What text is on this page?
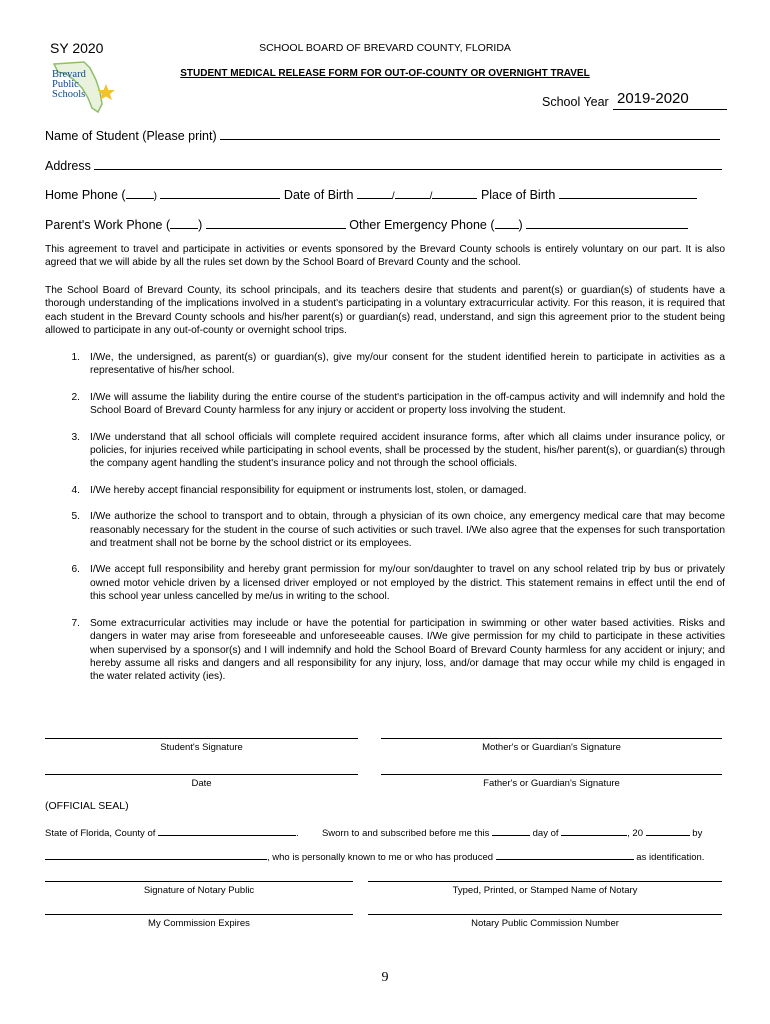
SY 2020
Brevard
Public
Schools
SCHOOL BOARD OF BREVARD COUNTY, FLORIDA
STUDENT MEDICAL RELEASE FORM FOR OUT-OF-COUNTY OR OVERNIGHT TRAVEL
School Year 2019-2020
Name of Student (Please print)
Address
Home Phone (	)	Date of Birth	/	/	Place of Birth
Parent's Work Phone ( )	Other Emergency Phone ( )
This agreement to travel and participate in activities or events sponsored by the Brevard County schools is entirely voluntary on our part. It is also agreed that we will abide by all the rules set down by the School Board of Brevard County and the school.
The School Board of Brevard County, its school principals, and its teachers desire that students and parent(s) or guardian(s) of students have a thorough understanding of the implications involved in a student's participating in a voluntary extracurricular activity. For this reason, it is required that each student in the Brevard County schools and his/her parent(s) or guardian(s) read, understand, and sign this agreement prior to the student being allowed to participate in any out-of-county or overnight school trips.
1. I/We, the undersigned, as parent(s) or guardian(s), give my/our consent for the student identified herein to participate in activities as a representative of his/her school.
2. I/We will assume the liability during the entire course of the student's participation in the off-campus activity and will indemnify and hold the School Board of Brevard County harmless for any injury or accident or property loss involving the student.
3. I/We understand that all school officials will complete required accident insurance forms, after which all claims under insurance policy, or policies, for injuries received while participating in school events, shall be processed by the student, his/her parent(s), or guardian(s) through the company agent handling the student's insurance policy and not through the school officials.
4. I/We hereby accept financial responsibility for equipment or instruments lost, stolen, or damaged.
5. I/We authorize the school to transport and to obtain, through a physician of its own choice, any emergency medical care that may become reasonably necessary for the student in the course of such activities or such travel. I/We also agree that the expenses for such transportation and treatment shall not be borne by the school district or its employees.
6. I/We accept full responsibility and hereby grant permission for my/our son/daughter to travel on any school related trip by bus or privately owned motor vehicle driven by a licensed driver employed or not employed by the district. This statement remains in effect until the end of this school year unless cancelled by me/us in writing to the school.
7. Some extracurricular activities may include or have the potential for participation in swimming or other water based activities. Risks and dangers in water may arise from foreseeable and unforeseeable causes. I/We give permission for my child to participate in these activities when supervised by a sponsor(s) and I will indemnify and hold the School Board of Brevard County harmless for any accident or injury; and hereby assume all risks and dangers and all responsibility for any injury, loss, and/or damage that may occur while my child is engaged in the water related activity (ies).
Student's Signature	Mother's or Guardian's Signature
Date	Father's or Guardian's Signature
(OFFICIAL SEAL)
State of Florida, County of	. Sworn to and subscribed before me this	day of	, 20	by
, who is personally known to me or who has produced	as identification.
Signature of Notary Public	Typed, Printed, or Stamped Name of Notary
My Commission Expires	Notary Public Commission Number
9
